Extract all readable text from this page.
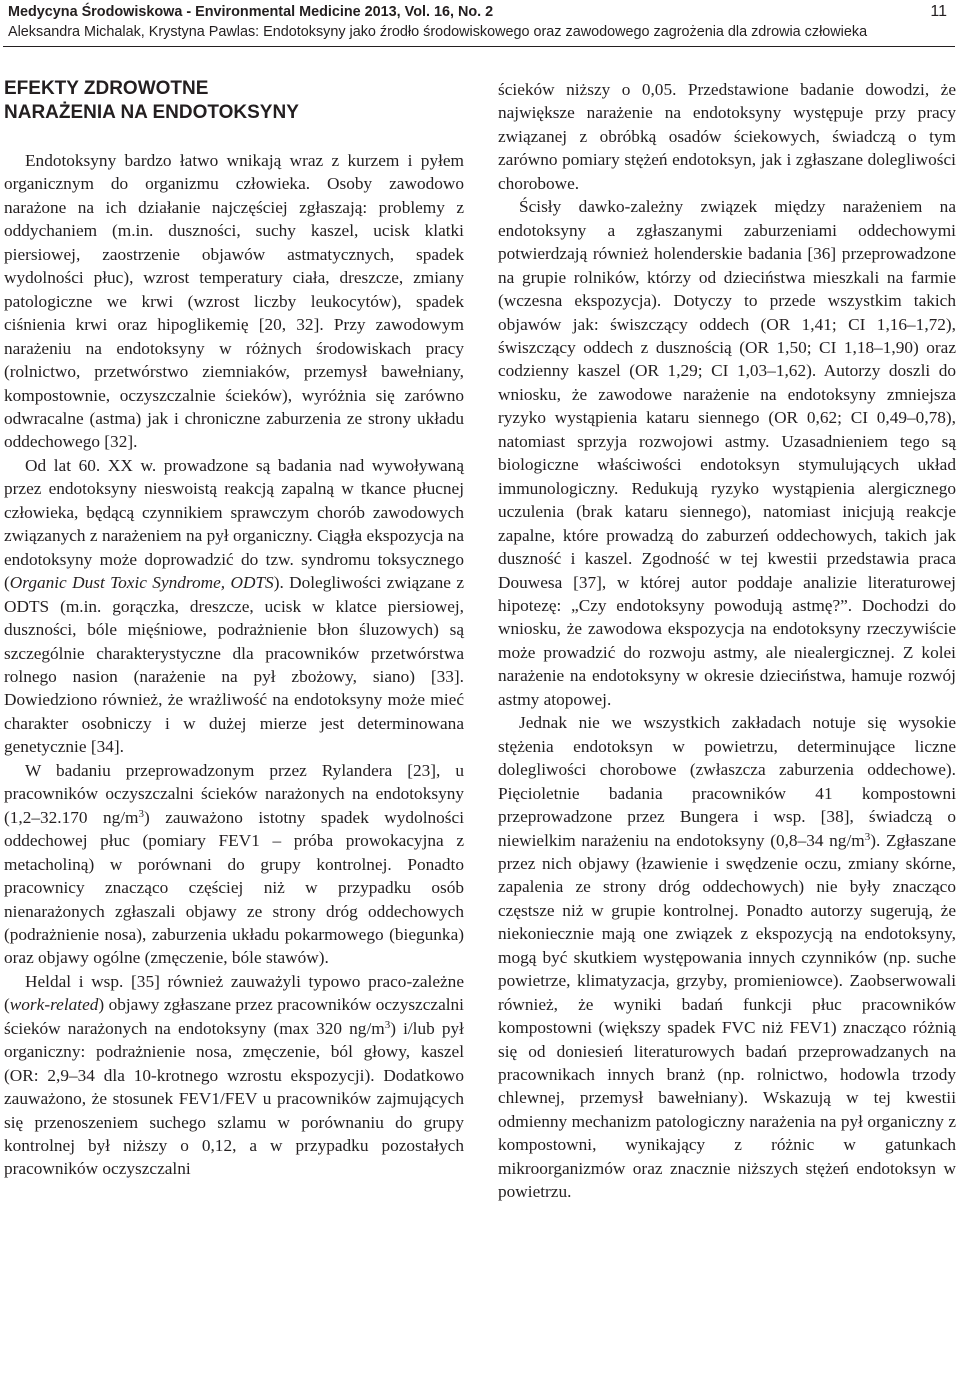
Medycyna Środowiskowa - Environmental Medicine 2013, Vol. 16, No. 2
Aleksandra Michalak, Krystyna Pawlas: Endotoksyny jako źrodło środowiskowego oraz zawodowego zagrożenia dla zdrowia człowieka
11
EFEKTY ZDROWOTNE
NARAŻENIA NA ENDOTOKSYNY

Endotoksyny bardzo łatwo wnikają wraz z kurzem i pyłem organicznym do organizmu człowieka. Osoby zawodowo narażone na ich działanie najczęściej zgłaszają: problemy z oddychaniem (m.in. duszności, suchy kaszel, ucisk klatki piersiowej, zaostrzenie objawów astmatycznych, spadek wydolności płuc), wzrost temperatury ciała, dreszcze, zmiany patologiczne we krwi (wzrost liczby leukocytów), spadek ciśnienia krwi oraz hipoglikemię [20, 32]. Przy zawodowym narażeniu na endotoksyny w różnych środowiskach pracy (rolnictwo, przetwórstwo ziemniaków, przemysł bawełniany, kompostownie, oczyszczalnie ścieków), wyróżnia się zarówno odwracalne (astma) jak i chroniczne zaburzenia ze strony układu oddechowego [32].

Od lat 60. XX w. prowadzone są badania nad wywoływaną przez endotoksyny nieswoistą reakcją zapalną w tkance płucnej człowieka, będącą czynnikiem sprawczym chorób zawodowych związanych z narażeniem na pył organiczny. Ciągła ekspozycja na endotoksyny może doprowadzić do tzw. syndromu toksycznego (Organic Dust Toxic Syndrome, ODTS). Dolegliwości związane z ODTS (m.in. gorączka, dreszcze, ucisk w klatce piersiowej, duszności, bóle mięśniowe, podrażnienie błon śluzowych) są szczególnie charakterystyczne dla pracowników przetwórstwa rolnego nasion (narażenie na pył zbożowy, siano) [33]. Dowiedziono również, że wrażliwość na endotoksyny może mieć charakter osobniczy i w dużej mierze jest determinowana genetycznie [34].

W badaniu przeprowadzonym przez Rylandera [23], u pracowników oczyszczalni ścieków narażonych na endotoksyny (1,2–32.170 $ng/m^3$) zauważono istotny spadek wydolności oddechowej płuc (pomiary FEV1 – próba prowokacyjna z metacholiną) w porównani do grupy kontrolnej. Ponadto pracownicy znacząco częściej niż w przypadku osób nienarażonych zgłaszali objawy ze strony dróg oddechowych (podrażnienie nosa), zaburzenia układu pokarmowego (biegunka) oraz objawy ogólne (zmęczenie, bóle stawów).

Heldal i wsp. [35] również zauważyli typowo praco-zależne (work-related) objawy zgłaszane przez pracowników oczyszczalni ścieków narażonych na endotoksyny (max 320 $ng/m^3$) i/lub pył organiczny: podrażnienie nosa, zmęczenie, ból głowy, kaszel (OR: 2,9–34 dla 10-krotnego wzrostu ekspozycji). Dodatkowo zauważono, że stosunek FEV1/FEV u pracowników zajmujących się przenoszeniem suchego szlamu w porównaniu do grupy kontrolnej był niższy o 0,12, a w przypadku pozostałych pracowników oczyszczalni

ścieków niższy o 0,05. Przedstawione badanie dowodzi, że największe narażenie na endotoksyny występuje przy pracy związanej z obróbką osadów ściekowych, świadczą o tym zarówno pomiary stężeń endotoksyn, jak i zgłaszane dolegliwości chorobowe.

Ścisły dawko-zależny związek między narażeniem na endotoksyny a zgłaszanymi zaburzeniami oddechowymi potwierdzają również holenderskie badania [36] przeprowadzone na grupie rolników, którzy od dzieciństwa mieszkali na farmie (wczesna ekspozycja). Dotyczy to przede wszystkim takich objawów jak: świszczący oddech (OR 1,41; CI 1,16–1,72), świszczący oddech z dusznością (OR 1,50; CI 1,18–1,90) oraz codzienny kaszel (OR 1,29; CI 1,03–1,62). Autorzy doszli do wniosku, że zawodowe narażenie na endotoksyny zmniejsza ryzyko wystąpienia kataru siennego (OR 0,62; CI 0,49–0,78), natomiast sprzyja rozwojowi astmy. Uzasadnieniem tego są biologiczne właściwości endotoksyn stymulujących układ immunologiczny. Redukują ryzyko wystąpienia alergicznego uczulenia (brak kataru siennego), natomiast inicjują reakcje zapalne, które prowadzą do zaburzeń oddechowych, takich jak duszność i kaszel. Zgodność w tej kwestii przedstawia praca Douwesa [37], w której autor poddaje analizie literaturowej hipotezę: „Czy endotoksyny powodują astmę?”. Dochodzi do wniosku, że zawodowa ekspozycja na endotoksyny rzeczywiście może prowadzić do rozwoju astmy, ale niealergicznej. Z kolei narażenie na endotoksyny w okresie dzieciństwa, hamuje rozwój astmy atopowej.

Jednak nie we wszystkich zakładach notuje się wysokie stężenia endotoksyn w powietrzu, determinujące liczne dolegliwości chorobowe (zwłaszcza zaburzenia oddechowe). Pięcioletnie badania pracowników 41 kompostowni przeprowadzone przez Bungera i wsp. [38], świadczą o niewielkim narażeniu na endotoksyny (0,8–34 $ng/m^3$). Zgłaszane przez nich objawy (łzawienie i swędzenie oczu, zmiany skórne, zapalenia ze strony dróg oddechowych) nie były znacząco częstsze niż w grupie kontrolnej. Ponadto autorzy sugerują, że niekoniecznie mają one związek z ekspozycją na endotoksyny, mogą być skutkiem występowania innych czynników (np. suche powietrze, klimatyzacja, grzyby, promieniowce). Zaobserwowali również, że wyniki badań funkcji płuc pracowników kompostowni (większy spadek FVC niż FEV1) znacząco różnią się od doniesień literaturowych badań przeprowadzanych na pracownikach innych branż (np. rolnictwo, hodowla trzody chlewnej, przemysł bawełniany). Wskazują w tej kwestii odmienny mechanizm patologiczny narażenia na pył organiczny z kompostowni, wynikający z różnic w gatunkach mikroorganizmów oraz znacznie niższych stężeń endotoksyn w powietrzu.
